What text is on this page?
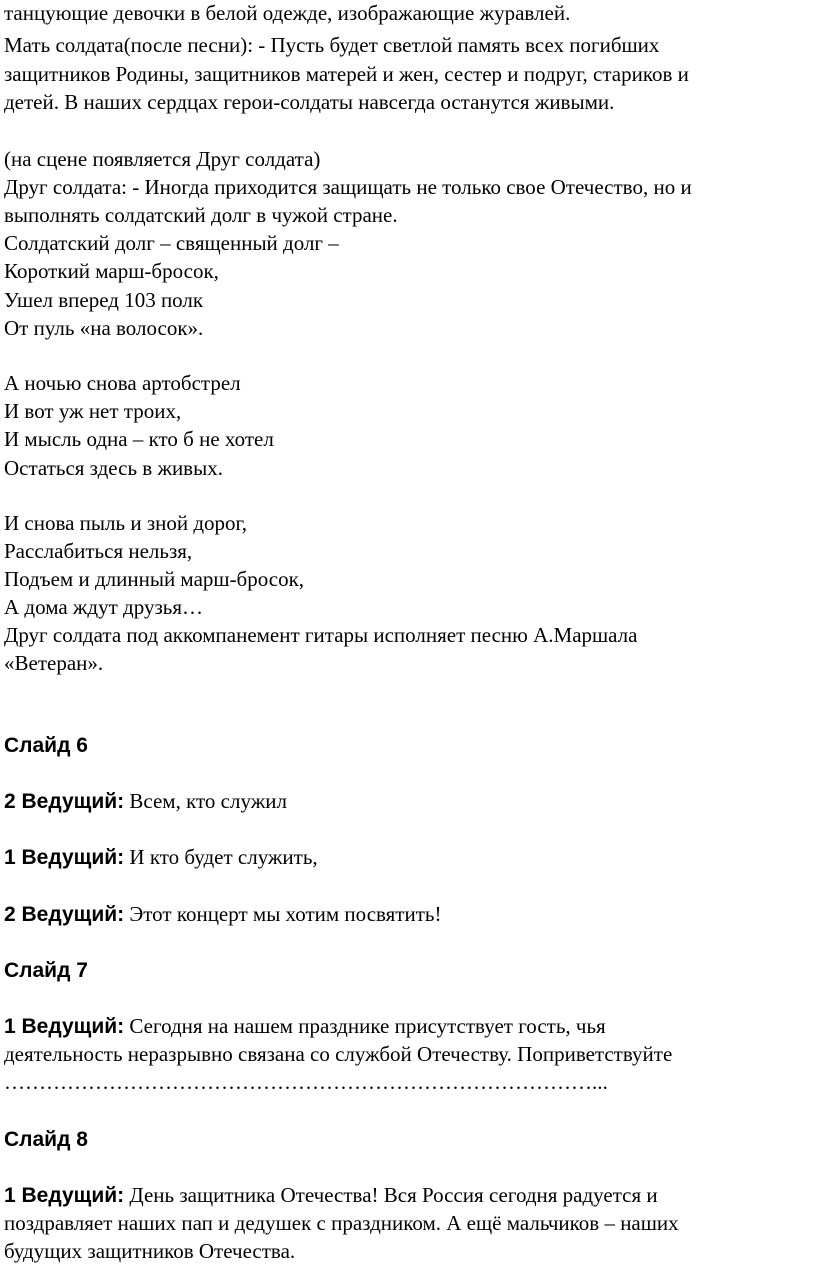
танцующие девочки в белой одежде, изображающие журавлей.
Мать солдата(после песни): - Пусть будет светлой память всех погибших
защитников Родины, защитников матерей и жен, сестер и подруг, стариков и
детей. В наших сердцах герои-солдаты навсегда останутся живыми.
(на сцене появляется Друг солдата)
Друг солдата: - Иногда приходится защищать не только свое Отечество, но и
выполнять солдатский долг в чужой стране.
Солдатский долг – священный долг –
Короткий марш-бросок,
Ушел вперед 103 полк
От пуль «на волосок».
А ночью снова артобстрел
И вот уж нет троих,
И мысль одна – кто б не хотел
Остаться здесь в живых.
И снова пыль и зной дорог,
Расслабиться нельзя,
Подъем и длинный марш-бросок,
А дома ждут друзья…
Друг солдата под аккомпанемент гитары исполняет песню А.Маршала
«Ветеран».
Слайд 6
2 Ведущий: Всем, кто служил
1 Ведущий: И кто будет служить,
2 Ведущий: Этот концерт мы хотим посвятить!
Слайд 7
1 Ведущий: Сегодня на нашем празднике присутствует гость, чья
деятельность неразрывно связана со службой Отечеству. Поприветствуйте
…………………………………………………………………………...
Слайд 8
1 Ведущий: День защитника Отечества! Вся Россия сегодня радуется и
поздравляет наших пап и дедушек с праздником. А ещё мальчиков – наших
будущих защитников Отечества.
